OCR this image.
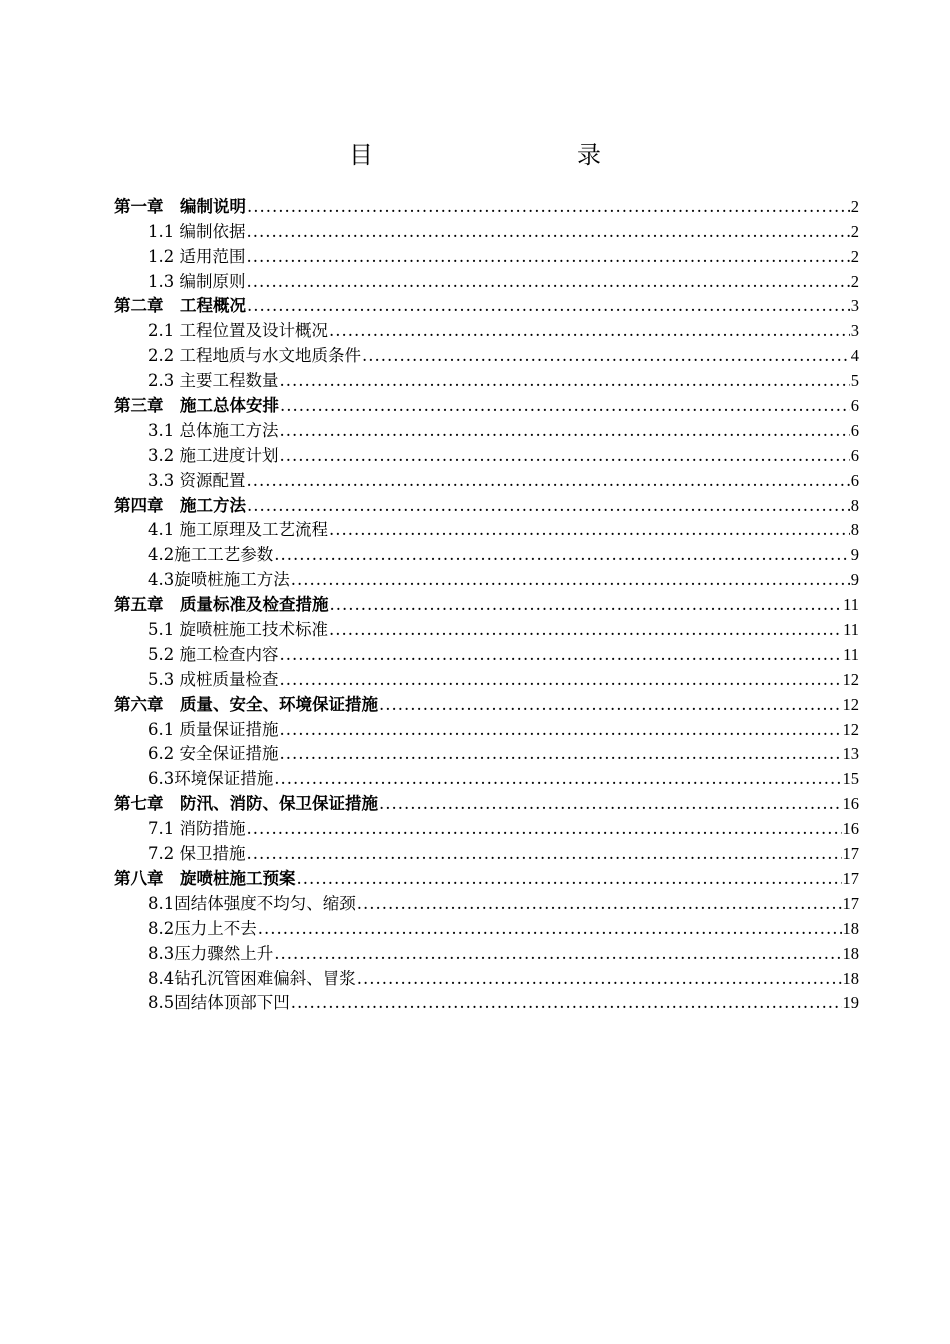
目　　录
第一章　编制说明 .....	2
1.1 编制依据 .....	2
1.2 适用范围 .....	2
1.3 编制原则 .....	2
第二章　工程概况 .....	3
2.1 工程位置及设计概况 .....	3
2.2 工程地质与水文地质条件 .....	4
2.3 主要工程数量 .....	5
第三章　施工总体安排 .....	6
3.1 总体施工方法 .....	6
3.2 施工进度计划 .....	6
3.3 资源配置 .....	6
第四章　施工方法 .....	8
4.1 施工原理及工艺流程 .....	8
4.2施工工艺参数 .....	9
4.3旋喷桩施工方法 .....	9
第五章　质量标准及检查措施 .....	11
5.1 旋喷桩施工技术标准 .....	11
5.2 施工检查内容 .....	11
5.3 成桩质量检查 .....	12
第六章　质量、安全、环境保证措施 .....	12
6.1 质量保证措施 .....	12
6.2 安全保证措施 .....	13
6.3环境保证措施 .....	15
第七章　防汛、消防、保卫保证措施 .....	16
7.1 消防措施 .....	16
7.2 保卫措施 .....	17
第八章　旋喷桩施工预案 .....	17
8.1固结体强度不均匀、缩颈 .....	17
8.2压力上不去 .....	18
8.3压力骤然上升 .....	18
8.4钻孔沉管困难偏斜、冒浆 .....	18
8.5固结体顶部下凹 .....	19
